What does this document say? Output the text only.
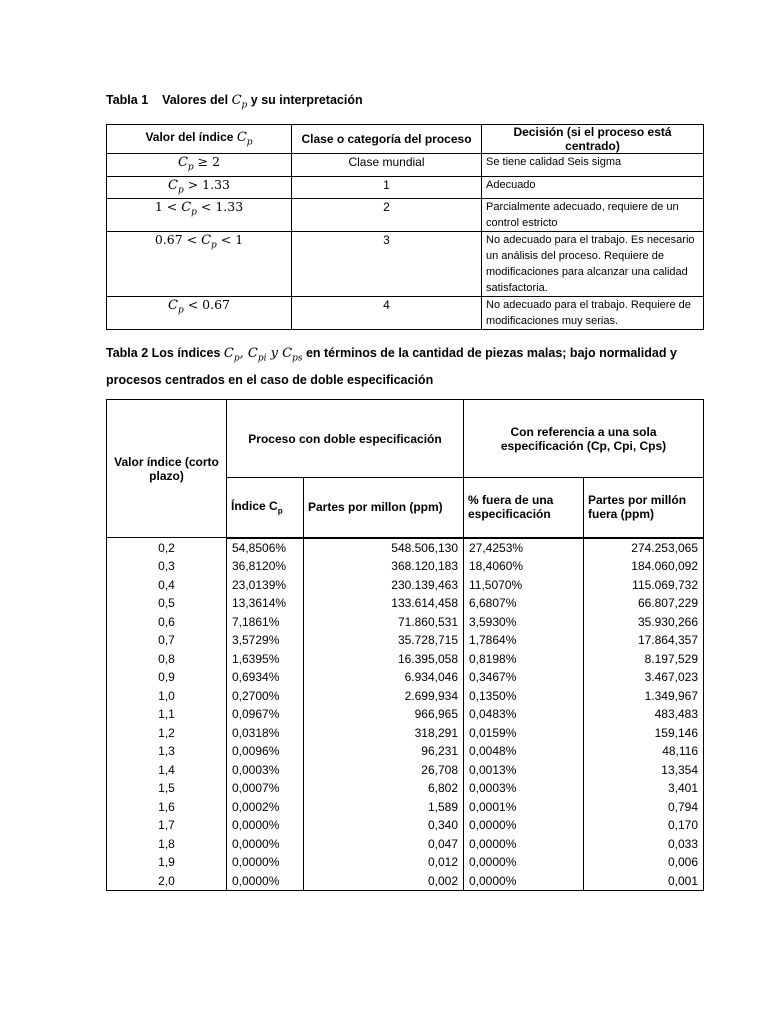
Tabla 1 Valores del $C_p$ y su interpretación
Valor del índice $C_p$	Clase o categoría del proceso	Decisión (si el proceso está centrado)
$C_p \ge 2$	Clase mundial	Se tiene calidad Seis sigma
$C_p > 1.33$	1	Adecuado
$1 < C_p < 1.33$	2	Parcialmente adecuado, requiere de un control estricto
$0.67 < C_p < 1$	3	No adecuado para el trabajo. Es necesario un análisis del proceso. Requiere de modificaciones para alcanzar una calidad satisfactoria.
$C_p < 0.67$	4	No adecuado para el trabajo. Requiere de modificaciones muy serias.
Tabla 2 Los índices $C_p$, $C_{pi}$ y $C_{ps}$ en términos de la cantidad de piezas malas; bajo normalidad y
procesos centrados en el caso de doble especificación
Valor índice (corto plazo)	Proceso con doble especificación		Con referencia a una sola especificación (Cp, Cpi, Cps)	
	Índice $C_p$	Partes por millon (ppm)	% fuera de una especificación	Partes por millón fuera (ppm)
0,2	54,8506%	548.506,130	27,4253%	274.253,065
0,3	36,8120%	368.120,183	18,4060%	184.060,092
0,4	23,0139%	230.139,463	11,5070%	115.069,732
0,5	13,3614%	133.614,458	6,6807%	66.807,229
0,6	7,1861%	71.860,531	3,5930%	35.930,266
0,7	3,5729%	35.728,715	1,7864%	17.864,357
0,8	1,6395%	16.395,058	0,8198%	8.197,529
0,9	0,6934%	6.934,046	0,3467%	3.467,023
1,0	0,2700%	2.699,934	0,1350%	1.349,967
1,1	0,0967%	966,965	0,0483%	483,483
1,2	0,0318%	318,291	0,0159%	159,146
1,3	0,0096%	96,231	0,0048%	48,116
1,4	0,0003%	26,708	0,0013%	13,354
1,5	0,0007%	6,802	0,0003%	3,401
1,6	0,0002%	1,589	0,0001%	0,794
1,7	0,0000%	0,340	0,0000%	0,170
1,8	0,0000%	0,047	0,0000%	0,033
1,9	0,0000%	0,012	0,0000%	0,006
2,0	0,0000%	0,002	0,0000%	0,001
